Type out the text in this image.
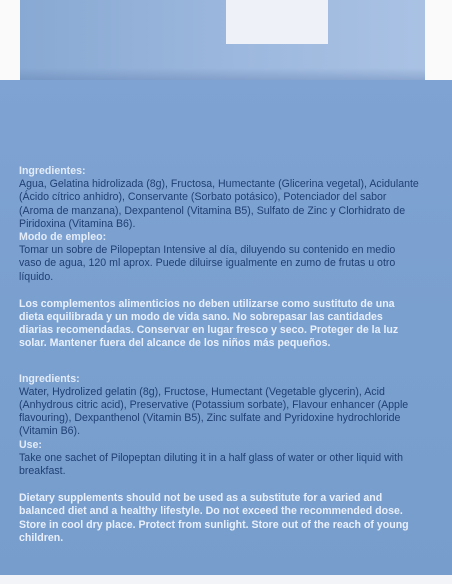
Ingredientes:

Agua, Gelatina hidrolizada (8g), Fructosa, Humectante (Glicerina vegetal), Acidulante (Ácido cítrico anhidro), Conservante (Sorbato potásico), Potenciador del sabor (Aroma de manzana), Dexpantenol (Vitamina B5), Sulfato de Zinc y Clorhidrato de Piridoxina (Vitamina B6).

Modo de empleo:

Tomar un sobre de Pilopeptan Intensive al día, diluyendo su contenido en medio vaso de agua, 120 ml aprox. Puede diluirse igualmente en zumo de frutas u otro líquido.

Los complementos alimenticios no deben utilizarse como sustituto de una dieta equilibrada y un modo de vida sano. No sobrepasar las cantidades diarias recomendadas. Conservar en lugar fresco y seco. Proteger de la luz solar. Mantener fuera del alcance de los niños más pequeños.

Ingredients:

Water, Hydrolized gelatin (8g), Fructose, Humectant (Vegetable glycerin), Acid (Anhydrous citric acid), Preservative (Potassium sorbate), Flavour enhancer (Apple flavouring), Dexpanthenol (Vitamin B5), Zinc sulfate and Pyridoxine hydrochloride (Vitamin B6).

Use:

Take one sachet of Pilopeptan diluting it in a half glass of water or other liquid with breakfast.

Dietary supplements should not be used as a substitute for a varied and balanced diet and a healthy lifestyle. Do not exceed the recommended dose. Store in cool dry place. Protect from sunlight. Store out of the reach of young children.
